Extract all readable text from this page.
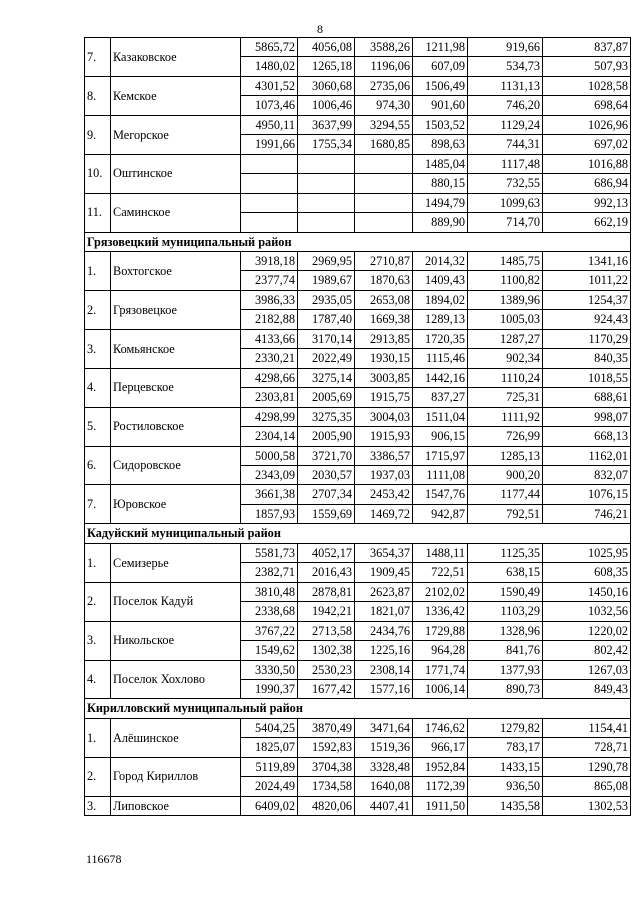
8
7.	Казаковское	5865,72	4056,08	3588,26	1211,98	919,66	837,87
		1480,02	1265,18	1196,06	607,09	534,73	507,93
8.	Кемское	4301,52	3060,68	2735,06	1506,49	1131,13	1028,58
		1073,46	1006,46	974,30	901,60	746,20	698,64
9.	Мегорское	4950,11	3637,99	3294,55	1503,52	1129,24	1026,96
		1991,66	1755,34	1680,85	898,63	744,31	697,02
10.	Оштинское				1485,04	1117,48	1016,88
					880,15	732,55	686,94
11.	Саминское				1494,79	1099,63	992,13
					889,90	714,70	662,19
Грязовецкий муниципальный район							
1.	Вохтогское	3918,18	2969,95	2710,87	2014,32	1485,75	1341,16
		2377,74	1989,67	1870,63	1409,43	1100,82	1011,22
2.	Грязовецкое	3986,33	2935,05	2653,08	1894,02	1389,96	1254,37
		2182,88	1787,40	1669,38	1289,13	1005,03	924,43
3.	Комьянское	4133,66	3170,14	2913,85	1720,35	1287,27	1170,29
		2330,21	2022,49	1930,15	1115,46	902,34	840,35
4.	Перцевское	4298,66	3275,14	3003,85	1442,16	1110,24	1018,55
		2303,81	2005,69	1915,75	837,27	725,31	688,61
5.	Ростиловское	4298,99	3275,35	3004,03	1511,04	1111,92	998,07
		2304,14	2005,90	1915,93	906,15	726,99	668,13
6.	Сидоровское	5000,58	3721,70	3386,57	1715,97	1285,13	1162,01
		2343,09	2030,57	1937,03	1111,08	900,20	832,07
7.	Юровское	3661,38	2707,34	2453,42	1547,76	1177,44	1076,15
		1857,93	1559,69	1469,72	942,87	792,51	746,21
Кадуйский муниципальный район							
1.	Семизерье	5581,73	4052,17	3654,37	1488,11	1125,35	1025,95
		2382,71	2016,43	1909,45	722,51	638,15	608,35
2.	Поселок Кадуй	3810,48	2878,81	2623,87	2102,02	1590,49	1450,16
		2338,68	1942,21	1821,07	1336,42	1103,29	1032,56
3.	Никольское	3767,22	2713,58	2434,76	1729,88	1328,96	1220,02
		1549,62	1302,38	1225,16	964,28	841,76	802,42
4.	Поселок Хохлово	3330,50	2530,23	2308,14	1771,74	1377,93	1267,03
		1990,37	1677,42	1577,16	1006,14	890,73	849,43
Кирилловский муниципальный район							
1.	Алёшинское	5404,25	3870,49	3471,64	1746,62	1279,82	1154,41
		1825,07	1592,83	1519,36	966,17	783,17	728,71
2.	Город Кириллов	5119,89	3704,38	3328,48	1952,84	1433,15	1290,78
		2024,49	1734,58	1640,08	1172,39	936,50	865,08
3.	Липовское	6409,02	4820,06	4407,41	1911,50	1435,58	1302,53
116678
